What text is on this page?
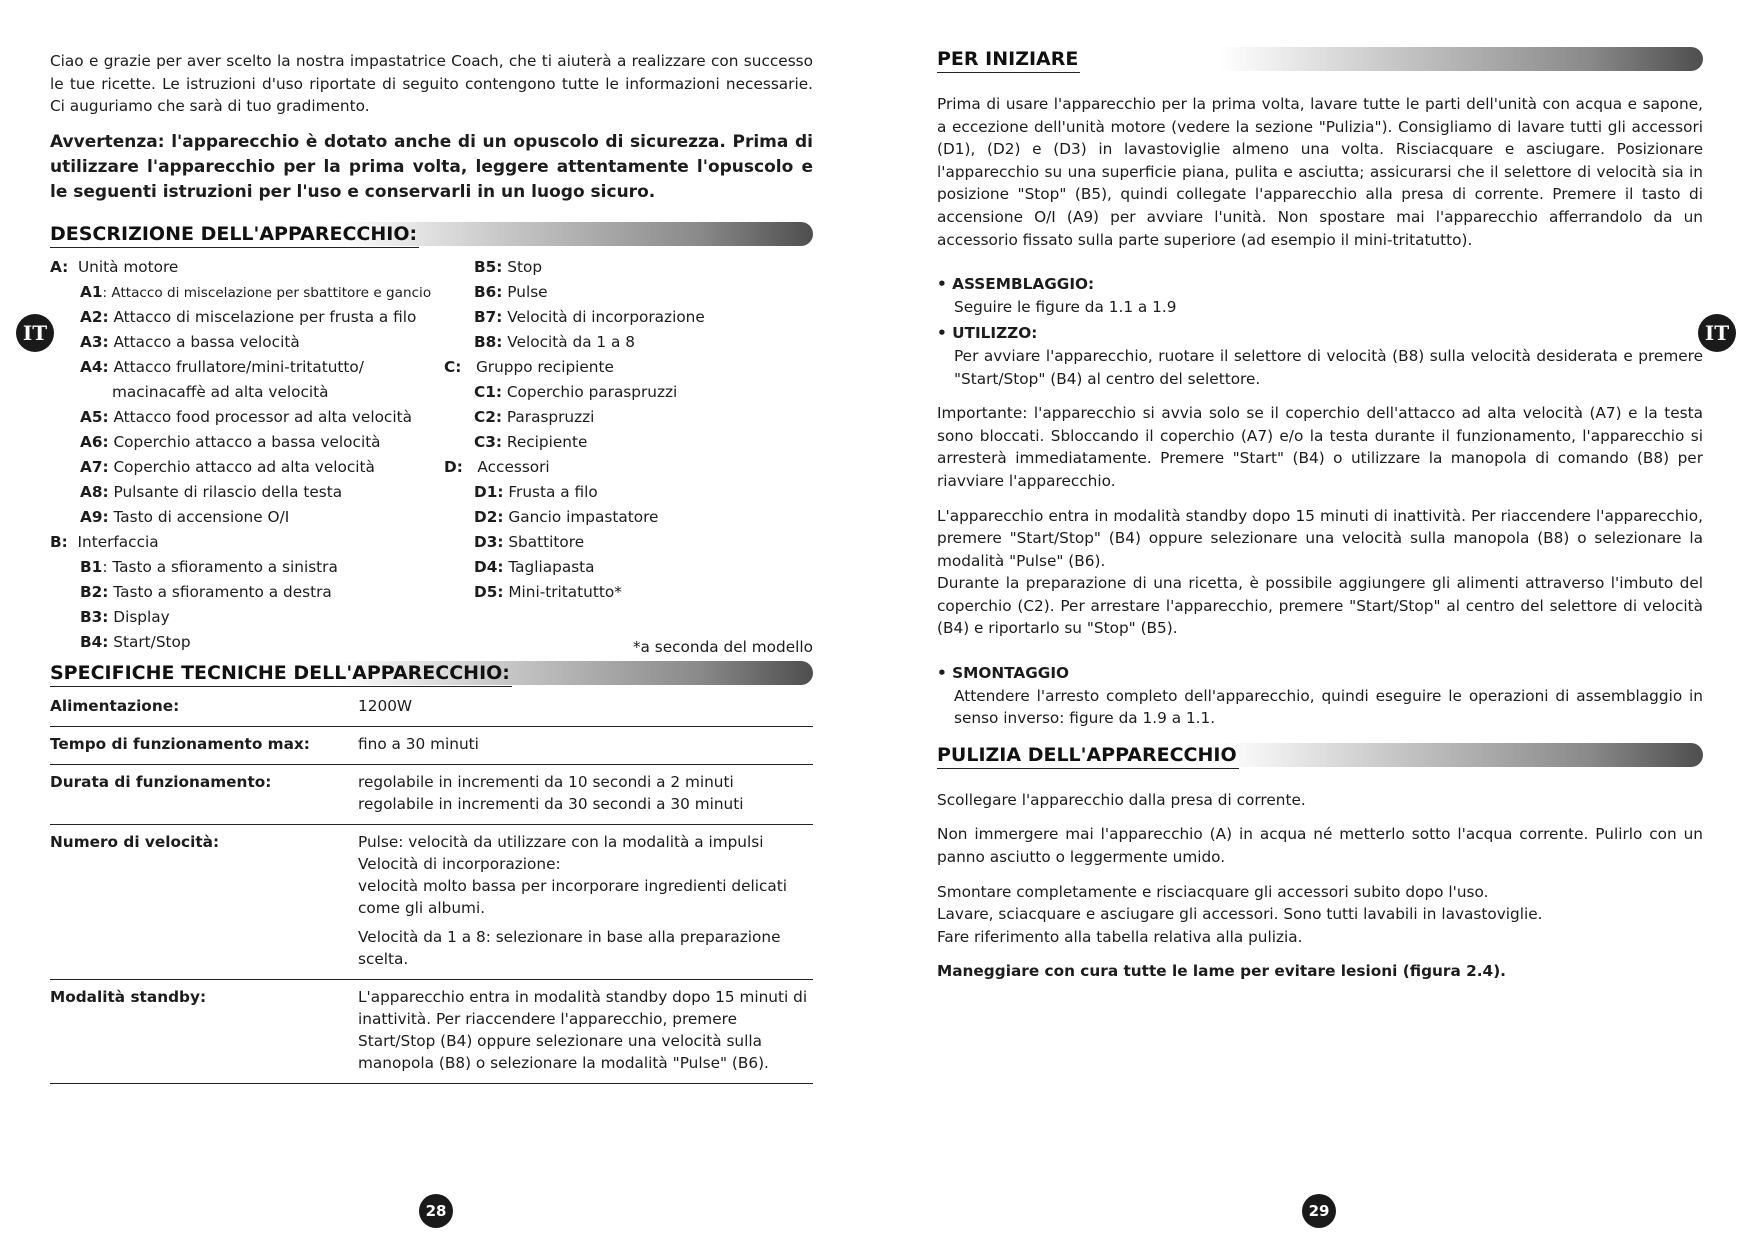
Ciao e grazie per aver scelto la nostra impastatrice Coach, che ti aiuterà a realizzare con successo le tue ricette. Le istruzioni d'uso riportate di seguito contengono tutte le informazioni necessarie. Ci auguriamo che sarà di tuo gradimento.

Avvertenza: l'apparecchio è dotato anche di un opuscolo di sicurezza. Prima di utilizzare l'apparecchio per la prima volta, leggere attentamente l'opuscolo e le seguenti istruzioni per l'uso e conservarli in un luogo sicuro.

DESCRIZIONE DELL'APPARECCHIO:
A: Unità motore
A1: Attacco di miscelazione per sbattitore e gancio
A2: Attacco di miscelazione per frusta a filo
A3: Attacco a bassa velocità
A4: Attacco frullatore/mini-tritatutto/
macinacaffè ad alta velocità
A5: Attacco food processor ad alta velocità
A6: Coperchio attacco a bassa velocità
A7: Coperchio attacco ad alta velocità
A8: Pulsante di rilascio della testa
A9: Tasto di accensione O/I
B: Interfaccia
B1: Tasto a sfioramento a sinistra
B2: Tasto a sfioramento a destra
B3: Display
B4: Start/Stop
B5: Stop
B6: Pulse
B7: Velocità di incorporazione
B8: Velocità da 1 a 8
C: Gruppo recipiente
C1: Coperchio paraspruzzi
C2: Paraspruzzi
C3: Recipiente
D: Accessori
D1: Frusta a filo
D2: Gancio impastatore
D3: Sbattitore
D4: Tagliapasta
D5: Mini-tritatutto*
*a seconda del modello
SPECIFICHE TECNICHE DELL'APPARECCHIO:
Alimentazione:	1200W
Tempo di funzionamento max:	fino a 30 minuti
Durata di funzionamento:	regolabile in incrementi da 10 secondi a 2 minuti
regolabile in incrementi da 30 secondi a 30 minuti

Numero di velocità:	Pulse: velocità da utilizzare con la modalità a impulsi
Velocità di incorporazione:
velocità molto bassa per incorporare ingredienti delicati come gli albumi.
Velocità da 1 a 8: selezionare in base alla preparazione scelta.

Modalità standby:	L'apparecchio entra in modalità standby dopo 15 minuti di inattività. Per riaccendere l'apparecchio, premere Start/Stop (B4) oppure selezionare una velocità sulla manopola (B8) o selezionare la modalità "Pulse" (B6).
IT
28
PER INIZIARE

Prima di usare l'apparecchio per la prima volta, lavare tutte le parti dell'unità con acqua e sapone, a eccezione dell'unità motore (vedere la sezione "Pulizia"). Consigliamo di lavare tutti gli accessori (D1), (D2) e (D3) in lavastoviglie almeno una volta. Risciacquare e asciugare. Posizionare l'apparecchio su una superficie piana, pulita e asciutta; assicurarsi che il selettore di velocità sia in posizione "Stop" (B5), quindi collegate l'apparecchio alla presa di corrente. Premere il tasto di accensione O/I (A9) per avviare l'unità. Non spostare mai l'apparecchio afferrandolo da un accessorio fissato sulla parte superiore (ad esempio il mini-tritatutto).

• ASSEMBLAGGIO:
Seguire le figure da 1.1 a 1.9
• UTILIZZO:
Per avviare l'apparecchio, ruotare il selettore di velocità (B8) sulla velocità desiderata e premere "Start/Stop" (B4) al centro del selettore.

Importante: l'apparecchio si avvia solo se il coperchio dell'attacco ad alta velocità (A7) e la testa sono bloccati. Sbloccando il coperchio (A7) e/o la testa durante il funzionamento, l'apparecchio si arresterà immediatamente. Premere "Start" (B4) o utilizzare la manopola di comando (B8) per riavviare l'apparecchio.

L'apparecchio entra in modalità standby dopo 15 minuti di inattività. Per riaccendere l'apparecchio, premere "Start/Stop" (B4) oppure selezionare una velocità sulla manopola (B8) o selezionare la modalità "Pulse" (B6).

Durante la preparazione di una ricetta, è possibile aggiungere gli alimenti attraverso l'imbuto del coperchio (C2). Per arrestare l'apparecchio, premere "Start/Stop" al centro del selettore di velocità (B4) e riportarlo su "Stop" (B5).

• SMONTAGGIO
Attendere l'arresto completo dell'apparecchio, quindi eseguire le operazioni di assemblaggio in senso inverso: figure da 1.9 a 1.1.
PULIZIA DELL'APPARECCHIO

Scollegare l'apparecchio dalla presa di corrente.

Non immergere mai l'apparecchio (A) in acqua né metterlo sotto l'acqua corrente. Pulirlo con un panno asciutto o leggermente umido.

Smontare completamente e risciacquare gli accessori subito dopo l'uso.

Lavare, sciacquare e asciugare gli accessori. Sono tutti lavabili in lavastoviglie.

Fare riferimento alla tabella relativa alla pulizia.

Maneggiare con cura tutte le lame per evitare lesioni (figura 2.4).

IT
29
